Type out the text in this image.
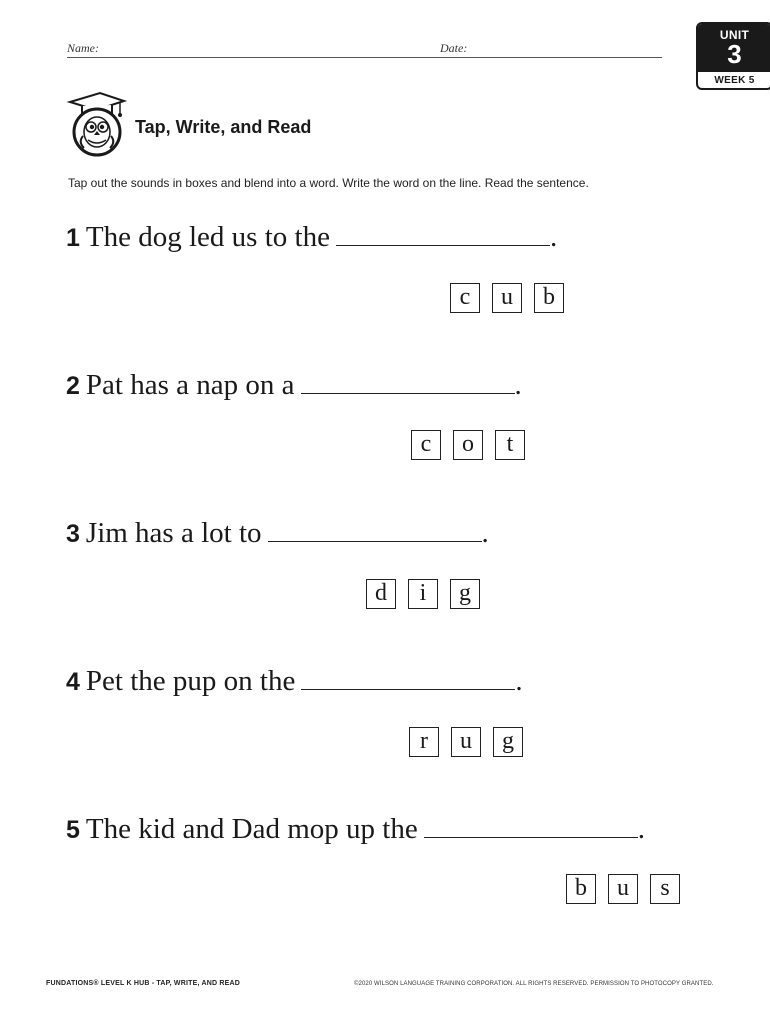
Name:	Date:
UNIT
3
WEEK 5
Tap, Write, and Read
Tap out the sounds in boxes and blend into a word. Write the word on the line. Read the sentence.
1 The dog led us to the	.
c	u	b
2 Pat has a nap on a	.
c	o	t
3 Jim has a lot to	.
d	i	g
4 Pet the pup on the	.
r	u	g
5 The kid and Dad mop up the	.
b	u	s
FUNDATIONS® LEVEL K HUB - TAP, WRITE, AND READ	©2020 WILSON LANGUAGE TRAINING CORPORATION. ALL RIGHTS RESERVED. PERMISSION TO PHOTOCOPY GRANTED.
